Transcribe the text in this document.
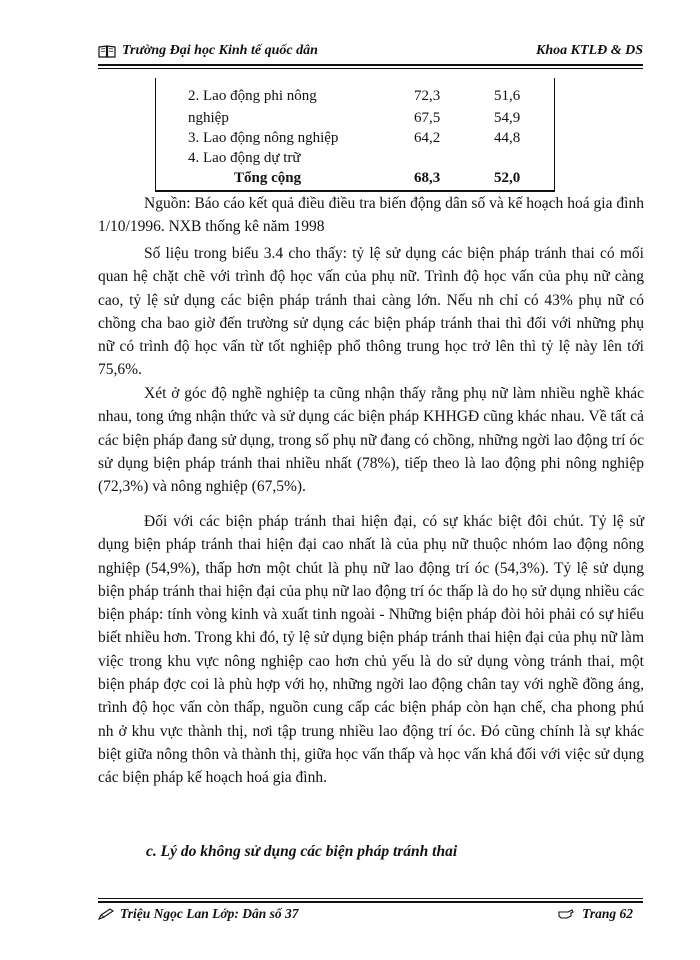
Trường Đại học Kinh tế quốc dân	Khoa KTLĐ & DS
2. Lao động phi nông	72,3	51,6
nghiệp	67,5	54,9
3. Lao động nông nghiệp	64,2	44,8
4. Lao động dự trữ
Tổng cộng	68,3	52,0

Nguồn: Báo cáo kết quả điều điều tra biến động dân số và kế hoạch hoá gia đình 1/10/1996. NXB thống kê năm 1998

Số liệu trong biểu 3.4 cho thấy: tỷ lệ sử dụng các biện pháp tránh thai có mối quan hệ chặt chẽ với trình độ học vấn của phụ nữ. Trình độ học vấn của phụ nữ càng cao, tỷ lệ sử dụng các biện pháp tránh thai càng lớn. Nếu nh chỉ có 43% phụ nữ có chồng cha bao giờ đến trường sử dụng các biện pháp tránh thai thì đối với những phụ nữ có trình độ học vấn từ tốt nghiệp phổ thông trung học trở lên thì tỷ lệ này lên tới 75,6%.

Xét ở góc độ nghề nghiệp ta cũng nhận thấy rằng phụ nữ làm nhiều nghề khác nhau, tong ứng nhận thức và sử dụng các biện pháp KHHGĐ cũng khác nhau. Về tất cả các biện pháp đang sử dụng, trong số phụ nữ đang có chồng, những ngời lao động trí óc sử dụng biện pháp tránh thai nhiều nhất (78%), tiếp theo là lao động phi nông nghiệp (72,3%) và nông nghiệp (67,5%).

Đối với các biện pháp tránh thai hiện đại, có sự khác biệt đôi chút. Tỷ lệ sử dụng biện pháp tránh thai hiện đại cao nhất là của phụ nữ thuộc nhóm lao động nông nghiệp (54,9%), thấp hơn một chút là phụ nữ lao động trí óc (54,3%). Tỷ lệ sử dụng biện pháp tránh thai hiện đại của phụ nữ lao động trí óc thấp là do họ sử dụng nhiều các biện pháp: tính vòng kinh và xuất tinh ngoài - Những biện pháp đòi hỏi phải có sự hiểu biết nhiều hơn. Trong khi đó, tỷ lệ sử dụng biện pháp tránh thai hiện đại của phụ nữ làm việc trong khu vực nông nghiệp cao hơn chủ yếu là do sử dụng vòng tránh thai, một biện pháp đợc coi là phù hợp với họ, những ngời lao động chân tay với nghề đồng áng, trình độ học vấn còn thấp, nguồn cung cấp các biện pháp còn hạn chế, cha phong phú nh ở khu vực thành thị, nơi tập trung nhiều lao động trí óc. Đó cũng chính là sự khác biệt giữa nông thôn và thành thị, giữa học vấn thấp và học vấn khá đối với việc sử dụng các biện pháp kế hoạch hoá gia đình.

c. Lý do không sử dụng các biện pháp tránh thai
Triệu Ngọc Lan Lớp: Dân số 37	Trang 62
